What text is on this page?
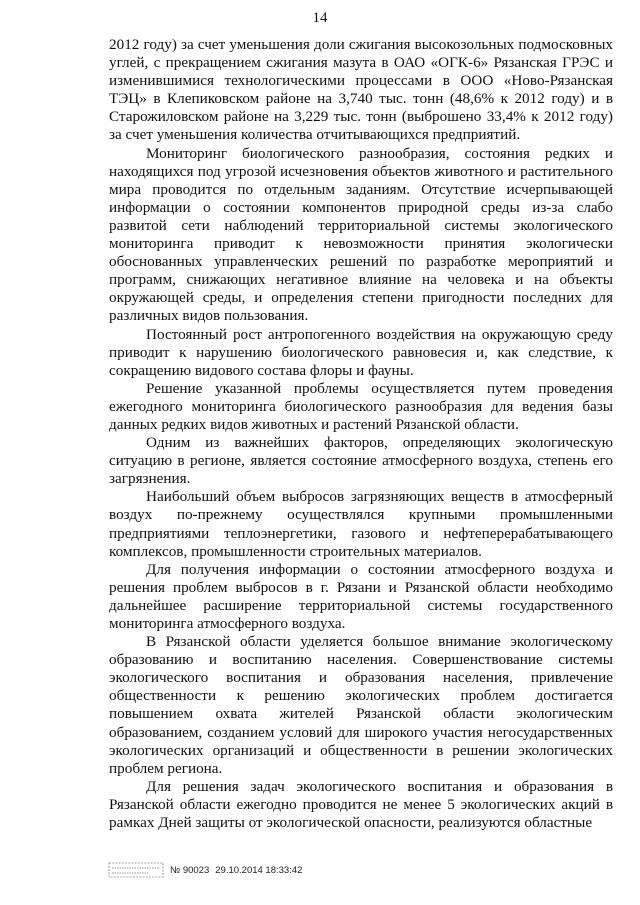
14

2012 году) за счет уменьшения доли сжигания высокозольных подмосковных углей, с прекращением сжигания мазута в ОАО «ОГК-6» Рязанская ГРЭС и изменившимися технологическими процессами в ООО «Ново-Рязанская ТЭЦ» в Клепиковском районе на 3,740 тыс. тонн (48,6% к 2012 году) и в Старожиловском районе на 3,229 тыс. тонн (выброшено 33,4% к 2012 году) за счет уменьшения количества отчитывающихся предприятий.

Мониторинг биологического разнообразия, состояния редких и находящихся под угрозой исчезновения объектов животного и растительного мира проводится по отдельным заданиям. Отсутствие исчерпывающей информации о состоянии компонентов природной среды из-за слабо развитой сети наблюдений территориальной системы экологического мониторинга приводит к невозможности принятия экологически обоснованных управленческих решений по разработке мероприятий и программ, снижающих негативное влияние на человека и на объекты окружающей среды, и определения степени пригодности последних для различных видов пользования.

Постоянный рост антропогенного воздействия на окружающую среду приводит к нарушению биологического равновесия и, как следствие, к сокращению видового состава флоры и фауны.

Решение указанной проблемы осуществляется путем проведения ежегодного мониторинга биологического разнообразия для ведения базы данных редких видов животных и растений Рязанской области.

Одним из важнейших факторов, определяющих экологическую ситуацию в регионе, является состояние атмосферного воздуха, степень его загрязнения.

Наибольший объем выбросов загрязняющих веществ в атмосферный воздух по-прежнему осуществлялся крупными промышленными предприятиями теплоэнергетики, газового и нефтеперерабатывающего комплексов, промышленности строительных материалов.

Для получения информации о состоянии атмосферного воздуха и решения проблем выбросов в г. Рязани и Рязанской области необходимо дальнейшее расширение территориальной системы государственного мониторинга атмосферного воздуха.

В Рязанской области уделяется большое внимание экологическому образованию и воспитанию населения. Совершенствование системы экологического воспитания и образования населения, привлечение общественности к решению экологических проблем достигается повышением охвата жителей Рязанской области экологическим образованием, созданием условий для широкого участия негосударственных экологических организаций и общественности в решении экологических проблем региона.

Для решения задач экологического воспитания и образования в Рязанской области ежегодно проводится не менее 5 экологических акций в рамках Дней защиты от экологической опасности, реализуются областные

№ 90023 29.10.2014 18:33:42
